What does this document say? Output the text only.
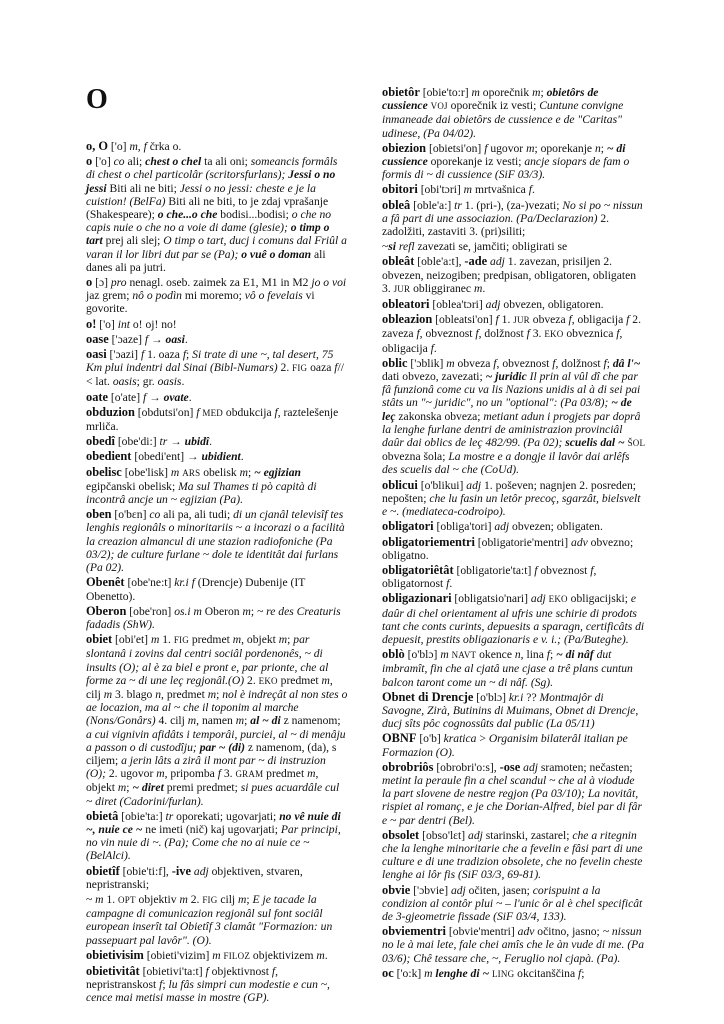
O
o, O ['o] m, f črka o.
o ['o] co ali; chest o chel ta ali oni; someancis formâls di chest o chel particolâr (scritorsfurlans); Jessi o no jessi Biti ali ne biti; Jessi o no jessi: cheste e je la cuistion! (BelFa) Biti ali ne biti, to je zdaj vprašanje (Shakespeare); o che...o che bodisi...bodisi; o che no capis nuie o che no a voie di dame (glesie); o timp o tart prej ali slej; O timp o tart, ducj i comuns dal Friûl a varan il lor libri dut par se (Pa); o vuê o doman ali danes ali pa jutri.
o [ɔ] pro nenagl. oseb. zaimek za E1, M1 in M2 jo o voi jaz grem; nô o podìn mi moremo; vô o fevelais vi govorite.
o! ['o] int o! oj! no!
oase ['ɔaze] f → oasi.
oasi ['ɔazi] f 1. oaza f; Si trate di une ~, tal desert, 75 Km plui indentri dal Sinai (Bibl-Numars) 2. FIG oaza f// < lat. oasis; gr. oasis.
oate [o'ate] f → ovate.
obduzion [obdutsi'on] f MED obdukcija f, raztelešenje mrliča.
obedî [obe'di:] tr → ubidî.
obedient [obedi'ent] → ubidient.
obelisc [obe'lisk] m ARS obelisk m; ~ egjizian egipčanski obelisk; Ma sul Thames ti pò capità di incontrâ ancje un ~ egjizian (Pa).
oben [o'bɛn] co ali pa, ali tudi; di un cjanâl televisîf tes lenghis regionâls o minoritariis ~ a incorazi o a facilità la creazion almancul di une stazion radiofoniche (Pa 03/2); de culture furlane ~ dole te identitât dai furlans (Pa 02).
Obenêt [obe'ne:t] kr.i f (Drencje) Dubenije (IT Obenetto).
Oberon [obe'ron] os.i m Oberon m; ~ re des Creaturis fadadis (ShW).
obiet [obi'et] m 1. FIG predmet m, objekt m; par slontanâ i zovins dal centri sociâl pordenonês, ~ di insults (O); al è za biel e pront e, par prionte, che al forme za ~ di une leç regjonâl.(O) 2. EKO predmet m, cilj m 3. blago n, predmet m; nol è indreçât al non stes o ae locazion, ma al ~ che il toponim al marche (Nons/Gonârs) 4. cilj m, namen m; al ~ di z namenom; a cui vignivin afidâts i temporâi, purciei, al ~ di menâju a passon o di custodîju; par ~ (di) z namenom, (da), s ciljem; a jerin lâts a zirâ il mont par ~ di instruzion (O); 2. ugovor m, pripomba f 3. GRAM predmet m, objekt m; ~ diret premi predmet; si pues acuardâle cul ~ diret (Cadorini/furlan).
obietâ [obie'ta:] tr oporekati; ugovarjati; no vê nuie di ~, nuie ce ~ ne imeti (nič) kaj ugovarjati; Par principi, no vin nuie di ~. (Pa); Come che no ai nuie ce ~ (BelAlci).
obietîf [obie'ti:f], -ive adj objektiven, stvaren, nepristranski;
~ m 1. OPT objektiv m 2. FIG cilj m; E je tacade la campagne di comunicazion regjonâl sul font sociâl european inserît tal Obietîf 3 clamât "Formazion: un passepuart pal lavôr". (O).
obietivisim [obieti'vizim] m FILOZ objektivizem m.
obietivitât [obietivi'ta:t] f objektivnost f, nepristranskost f; lu fâs simpri cun modestie e cun ~, cence mai metisi masse in mostre (GP).
obietôr [obie'to:r] m oporečnik m; obietôrs de cussience VOJ oporečnik iz vesti; Cuntune convigne inmaneade dai obietôrs de cussience e de "Caritas" udinese, (Pa 04/02).
obiezion [obietsi'on] f ugovor m; oporekanje n; ~ di cussience oporekanje iz vesti; ancje siopars de fam o formis di ~ di cussience (SiF 03/3).
obitori [obi'tɔri] m mrtvašnica f.
obleâ [oble'a:] tr 1. (pri-), (za-)vezati; No si po ~ nissun a fâ part di une associazion. (Pa/Declarazion) 2. zadolžiti, zastaviti 3. (pri)siliti;
~si refl zavezati se, jamčiti; obligirati se
obleât [oble'a:t], -ade adj 1. zavezan, prisiljen 2. obvezen, neizogiben; predpisan, obligatoren, obligaten 3. JUR obliggiranec m.
obleatori [oblea'tɔri] adj obvezen, obligatoren.
obleazion [obleatsi'on] f 1. JUR obveza f, obligacija f 2. zaveza f, obveznost f, dolžnost f 3. EKO obveznica f, obligacija f.
oblic ['ɔblik] m obveza f, obveznost f, dolžnost f; dâ l'~ dati obvezo, zavezati; ~ juridic Il prin al vûl dî che par fâ funzionâ come cu va lis Nazions unidis al à di sei pai stâts un "~ juridic", no un "optional": (Pa 03/8); ~ de leç zakonska obveza; metiant adun i progjets par doprâ la lenghe furlane dentri de aministrazion provinciâl daûr dai oblics de leç 482/99. (Pa 02); scuelis dal ~ ŠOL obvezna šola; La mostre e a dongje il lavôr dai arlêfs des scuelis dal ~ che (CoUd).
oblicui [o'blikui] adj 1. poševen; nagnjen 2. posreden; nepošten; che lu fasin un letôr precoç, sgarzât, bielsvelt e ~. (mediateca-codroipo).
obligatori [obliga'tori] adj obvezen; obligaten.
obligatoriementri [obligatorie'mentri] adv obvezno; obligatno.
obligatoriêtât [obligatorie'ta:t] f obveznost f, obligatornost f.
obligazionari [obligatsio'nari] adj EKO obligacijski; e daûr di chel orientament al ufris une schirie di prodots tant che conts curints, depuesits a sparagn, certificâts di depuesit, prestits obligazionaris e v. i.; (Pa/Buteghe).
oblò [o'blɔ] m NAVT okence n, lina f; ~ di nâf dut imbramît, fin che al cjatâ une cjase a trê plans cuntun balcon taront come un ~ di nâf. (Sg).
Obnet di Drencje [o'blɔ] kr.i ?? Montmajôr di Savogne, Zirà, Butinins di Muimans, Obnet di Drencje, ducj sîts pôc cognossûts dal public (La 05/11)
OBNF [o'b] kratica > Organisim bilaterâl italian pe Formazion (O).
obrobriôs [obrobri'o:s], -ose adj sramoten; nečasten; metint la peraule fin a chel scandul ~ che al à viodude la part slovene de nestre regjon (Pa 03/10); La novitât, rispiet al romanç, e je che Dorian-Alfred, biel par di fâr e ~ par dentri (Bel).
obsolet [obso'lɛt] adj starinski, zastarel; che a ritegnin che la lenghe minoritarie che a fevelin e fâsi part di une culture e di une tradizion obsolete, che no fevelin cheste lenghe ai lôr fis (SiF 03/3, 69-81).
obvie ['ɔbvie] adj očiten, jasen; corispuint a la condizion al contôr plui ~ – l'unic ôr al è chel specificât de 3-gjeometrie fissade (SiF 03/4, 133).
obviementri [obvie'mentri] adv očitno, jasno; ~ nissun no le à mai lete, fale chei amîs che le àn vude di me. (Pa 03/6); Chê tessare che, ~, Feruglio nol cjapà. (Pa).
oc ['o:k] m lenghe di ~ LING okcitanščina f;
